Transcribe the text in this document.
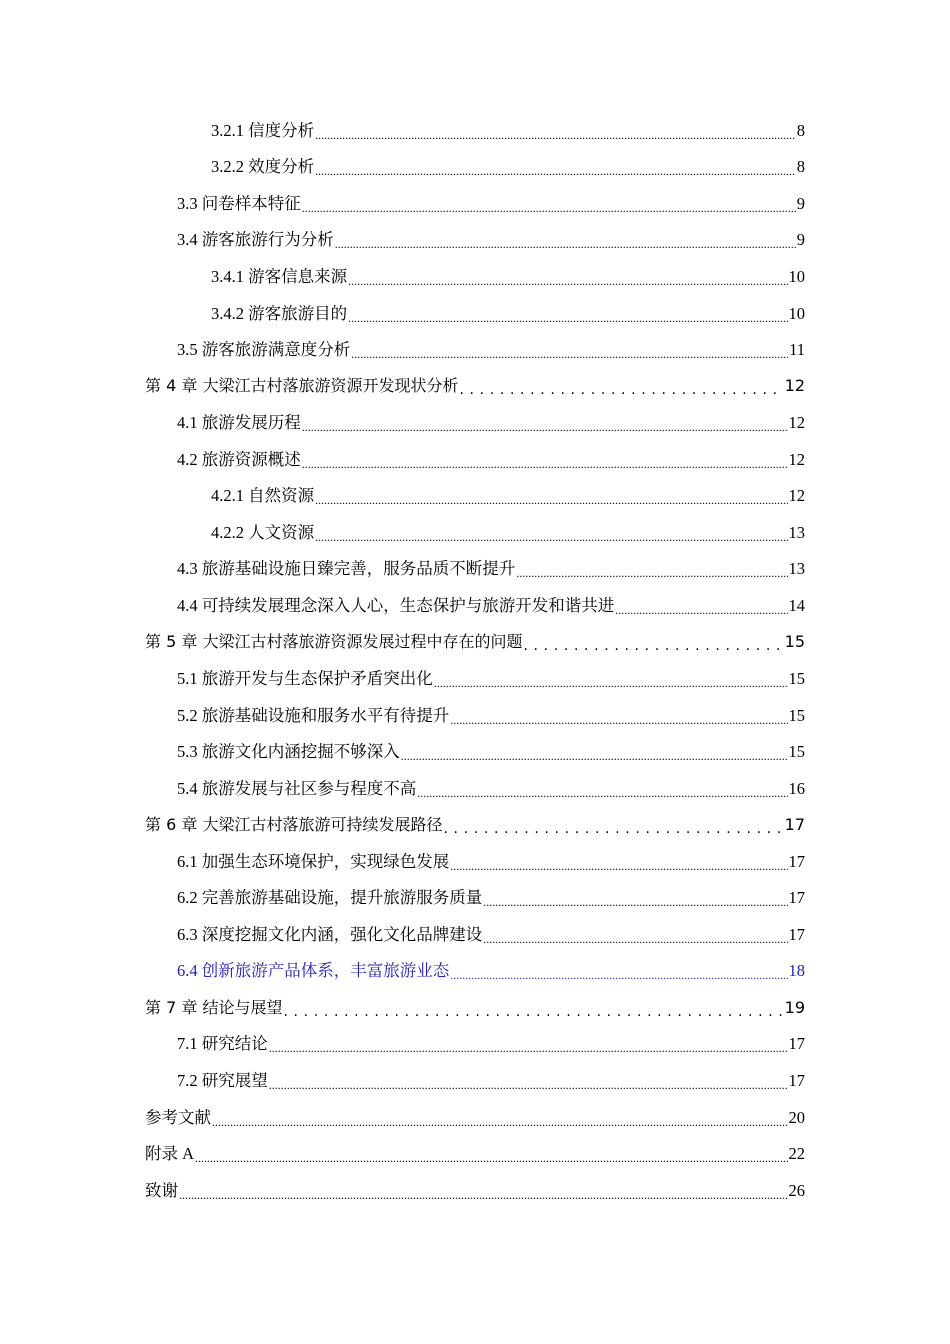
3.2.1 信度分析 .....	8
3.2.2 效度分析 .....	8
3.3 问卷样本特征 .....	9
3.4 游客旅游行为分析 .....	9
3.4.1 游客信息来源 .....	10
3.4.2 游客旅游目的 .....	10
3.5 游客旅游满意度分析 .....	11
第 4 章 大梁江古村落旅游资源开发现状分析 . . .	12
4.1 旅游发展历程 .....	12
4.2 旅游资源概述 .....	12
4.2.1 自然资源 .....	12
4.2.2 人文资源 .....	13
4.3 旅游基础设施日臻完善，服务品质不断提升 .....	13
4.4 可持续发展理念深入人心，生态保护与旅游开发和谐共进 .....	14
第 5 章 大梁江古村落旅游资源发展过程中存在的问题 . . .	15
5.1 旅游开发与生态保护矛盾突出化 .....	15
5.2 旅游基础设施和服务水平有待提升 .....	15
5.3 旅游文化内涵挖掘不够深入 .....	15
5.4 旅游发展与社区参与程度不高 .....	16
第 6 章 大梁江古村落旅游可持续发展路径 . . .	17
6.1 加强生态环境保护，实现绿色发展 .....	17
6.2 完善旅游基础设施，提升旅游服务质量 .....	17
6.3 深度挖掘文化内涵，强化文化品牌建设 .....	17
6.4 创新旅游产品体系，丰富旅游业态 .....	18
第 7 章 结论与展望 . . .	19
7.1 研究结论 .....	17
7.2 研究展望 .....	17
参考文献 .....	20
附录 A .....	22
致谢 .....	26
